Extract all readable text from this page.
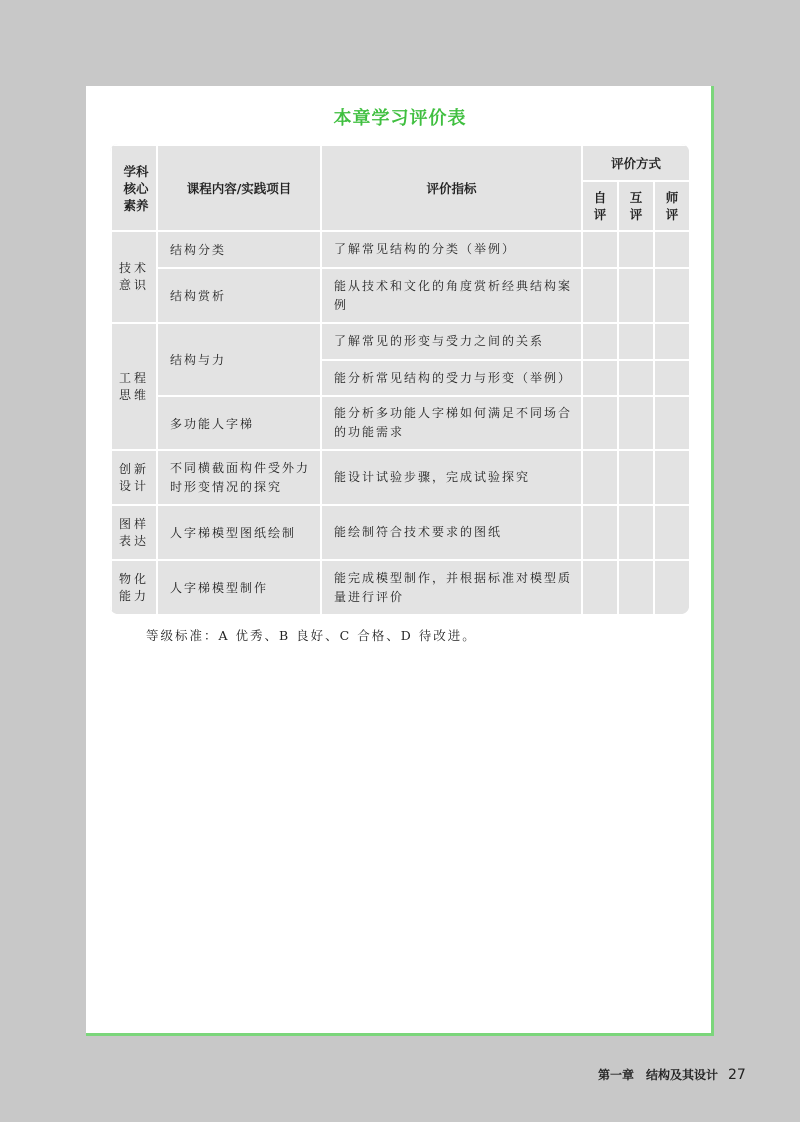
本章学习评价表
学科核心素养	课程内容/实践项目	评价指标	评价方式		
			自评	互评	师评
技术意识	结构分类	了解常见结构的分类（举例）			
	结构赏析	能从技术和文化的角度赏析经典结构案例			
工程思维	结构与力	了解常见的形变与受力之间的关系			
		能分析常见结构的受力与形变（举例）			
	多功能人字梯	能分析多功能人字梯如何满足不同场合的功能需求			
创新设计	不同横截面构件受外力时形变情况的探究	能设计试验步骤，完成试验探究			
图样表达	人字梯模型图纸绘制	能绘制符合技术要求的图纸			
物化能力	人字梯模型制作	能完成模型制作，并根据标准对模型质量进行评价			
等级标准：A 优秀、B 良好、C 合格、D 待改进。
第一章　结构及其设计 27
